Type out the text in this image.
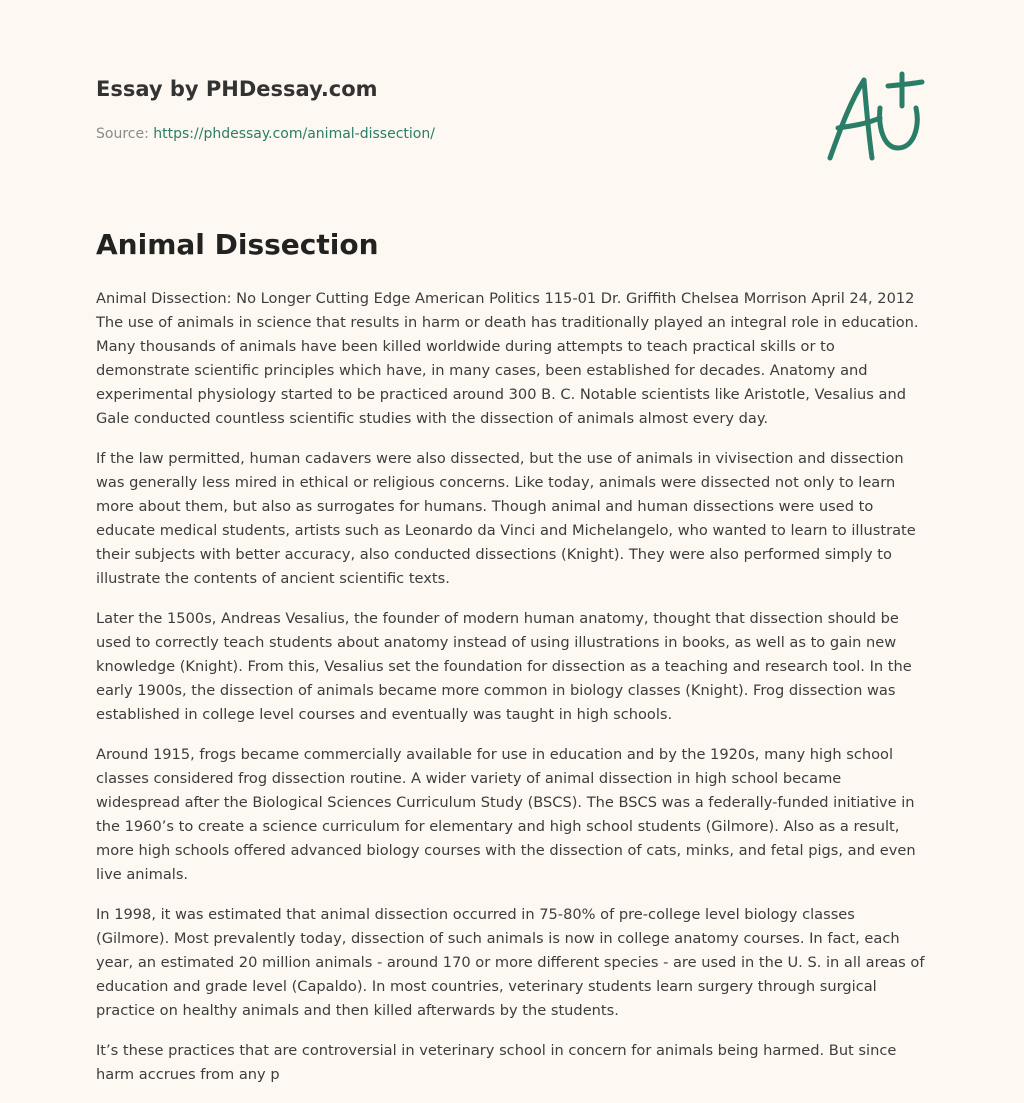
Essay by PHDessay.com

Source: https://phdessay.com/animal-dissection/
Animal Dissection

Animal Dissection: No Longer Cutting Edge American Politics 115-01 Dr. Griffith Chelsea Morrison April 24, 2012 The use of animals in science that results in harm or death has traditionally played an integral role in education. Many thousands of animals have been killed worldwide during attempts to teach practical skills or to demonstrate scientific principles which have, in many cases, been established for decades. Anatomy and experimental physiology started to be practiced around 300 B. C. Notable scientists like Aristotle, Vesalius and Gale conducted countless scientific studies with the dissection of animals almost every day.

If the law permitted, human cadavers were also dissected, but the use of animals in vivisection and dissection was generally less mired in ethical or religious concerns. Like today, animals were dissected not only to learn more about them, but also as surrogates for humans. Though animal and human dissections were used to educate medical students, artists such as Leonardo da Vinci and Michelangelo, who wanted to learn to illustrate their subjects with better accuracy, also conducted dissections (Knight). They were also performed simply to illustrate the contents of ancient scientific texts.

Later the 1500s, Andreas Vesalius, the founder of modern human anatomy, thought that dissection should be used to correctly teach students about anatomy instead of using illustrations in books, as well as to gain new knowledge (Knight). From this, Vesalius set the foundation for dissection as a teaching and research tool. In the early 1900s, the dissection of animals became more common in biology classes (Knight). Frog dissection was established in college level courses and eventually was taught in high schools.

Around 1915, frogs became commercially available for use in education and by the 1920s, many high school classes considered frog dissection routine. A wider variety of animal dissection in high school became widespread after the Biological Sciences Curriculum Study (BSCS). The BSCS was a federally-funded initiative in the 1960’s to create a science curriculum for elementary and high school students (Gilmore). Also as a result, more high schools offered advanced biology courses with the dissection of cats, minks, and fetal pigs, and even live animals.

In 1998, it was estimated that animal dissection occurred in 75-80% of pre-college level biology classes (Gilmore). Most prevalently today, dissection of such animals is now in college anatomy courses. In fact, each year, an estimated 20 million animals - around 170 or more different species - are used in the U. S. in all areas of education and grade level (Capaldo). In most countries, veterinary students learn surgery through surgical practice on healthy animals and then killed afterwards by the students.

It’s these practices that are controversial in veterinary school in concern for animals being harmed. But since harm accrues from any p
